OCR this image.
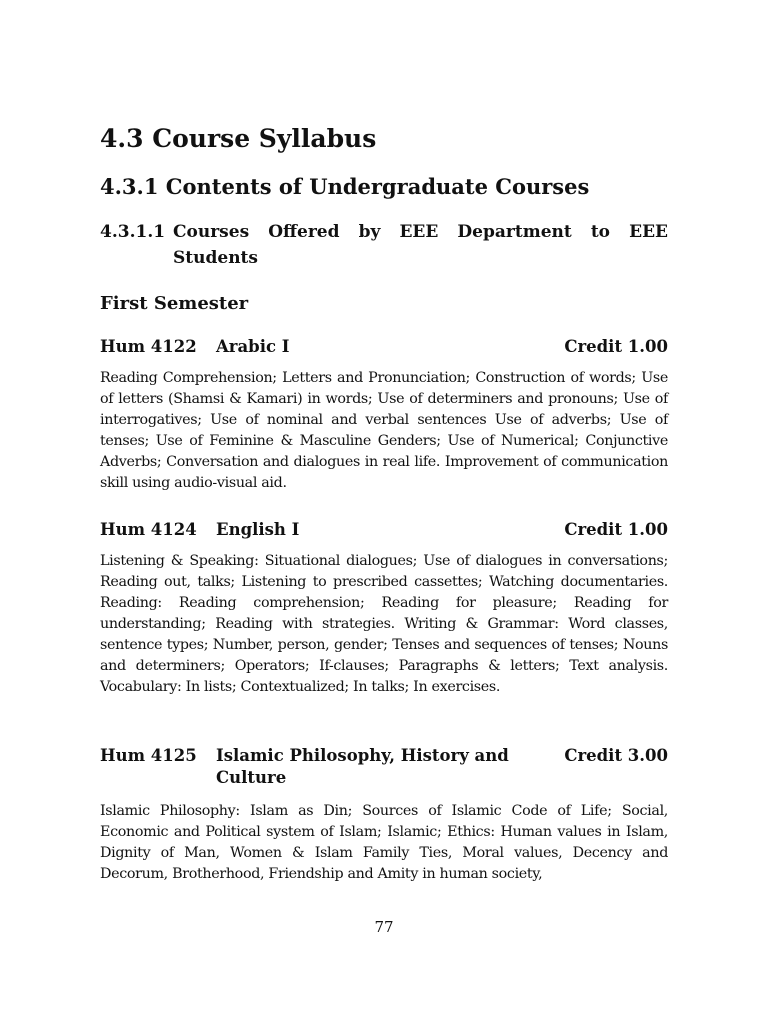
4.3 Course Syllabus
4.3.1 Contents of Undergraduate Courses
4.3.1.1 Courses Offered by EEE Department to EEE
Students
First Semester
Hum 4122 Arabic I	Credit 1.00

Reading Comprehension; Letters and Pronunciation; Construction of words; Use of letters (Shamsi & Kamari) in words; Use of determiners and pronouns; Use of interrogatives; Use of nominal and verbal sentences Use of adverbs; Use of tenses; Use of Feminine & Masculine Genders; Use of Numerical; Conjunctive Adverbs; Conversation and dialogues in real life. Improvement of communication skill using audio-visual aid.

Hum 4124 English I	Credit 1.00

Listening & Speaking: Situational dialogues; Use of dialogues in conversations; Reading out, talks; Listening to prescribed cassettes; Watching documentaries. Reading: Reading comprehension; Reading for pleasure; Reading for understanding; Reading with strategies. Writing & Grammar: Word classes, sentence types; Number, person, gender; Tenses and sequences of tenses; Nouns and determiners; Operators; If-clauses; Paragraphs & letters; Text analysis. Vocabulary: In lists; Contextualized; In talks; In exercises.

Hum 4125 Islamic Philosophy, History and Culture
Credit 3.00

Islamic Philosophy: Islam as Din; Sources of Islamic Code of Life; Social, Economic and Political system of Islam; Islamic; Ethics: Human values in Islam, Dignity of Man, Women & Islam Family Ties, Moral values, Decency and Decorum, Brotherhood, Friendship and Amity in human society,

77
